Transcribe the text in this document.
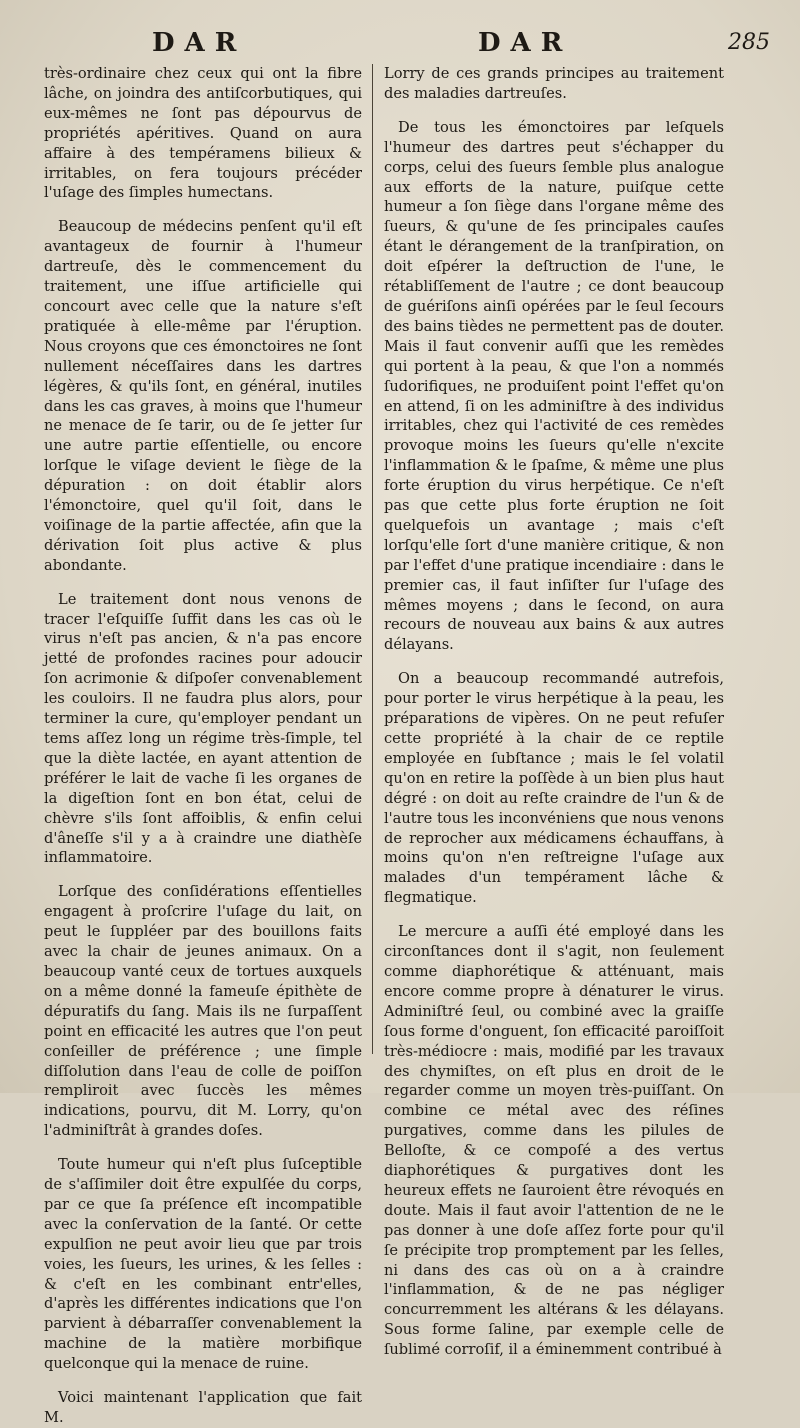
DAR	DAR	285

très-ordinaire chez ceux qui ont la fibre lâche, on joindra des antiſcorbutiques, qui eux-mêmes ne ſont pas dépourvus de propriétés apéritives. Quand on aura affaire à des tempéramens bilieux & irritables, on fera toujours précéder l'uſage des ſimples humectans.

Beaucoup de médecins penſent qu'il eſt avantageux de fournir à l'humeur dartreuſe, dès le commencement du traitement, une iſſue artificielle qui concourt avec celle que la nature s'eſt pratiquée à elle-même par l'éruption. Nous croyons que ces émonctoires ne ſont nullement néceſſaires dans les dartres légères, & qu'ils ſont, en général, inutiles dans les cas graves, à moins que l'humeur ne menace de ſe tarir, ou de ſe jetter ſur une autre partie eſſentielle, ou encore lorſque le viſage devient le ſiège de la dépuration : on doit établir alors l'émonctoire, quel qu'il ſoit, dans le voiſinage de la partie affectée, afin que la dérivation ſoit plus active & plus abondante.

Le traitement dont nous venons de tracer l'eſquiſſe ſuffit dans les cas où le virus n'eſt pas ancien, & n'a pas encore jetté de profondes racines pour adoucir ſon acrimonie & diſpoſer convenablement les couloirs. Il ne faudra plus alors, pour terminer la cure, qu'employer pendant un tems aſſez long un régime très-ſimple, tel que la diète lactée, en ayant attention de préférer le lait de vache ſi les organes de la digeſtion ſont en bon état, celui de chèvre s'ils ſont affoiblis, & enfin celui d'âneſſe s'il y a à craindre une diathèſe inflammatoire.

Lorſque des conſidérations eſſentielles engagent à proſcrire l'uſage du lait, on peut le ſuppléer par des bouillons faits avec la chair de jeunes animaux. On a beaucoup vanté ceux de tortues auxquels on a même donné la fameuſe épithète de dépuratifs du ſang. Mais ils ne ſurpaſſent point en efficacité les autres que l'on peut conſeiller de préférence ; une ſimple diſſolution dans l'eau de colle de poiſſon rempliroit avec ſuccès les mêmes indications, pourvu, dit M. Lorry, qu'on l'adminiſtrât à grandes doſes.

Toute humeur qui n'eſt plus ſuſceptible de s'aſſimiler doit être expulſée du corps, par ce que ſa préſence eſt incompatible avec la conſervation de la ſanté. Or cette expulſion ne peut avoir lieu que par trois voies, les ſueurs, les urines, & les ſelles : & c'eſt en les combinant entr'elles, d'après les différentes indications que l'on parvient à débarraſſer convenablement la machine de la matière morbifique quelconque qui la menace de ruine.

Voici maintenant l'application que fait M.

Lorry de ces grands principes au traitement des maladies dartreuſes.

De tous les émonctoires par leſquels l'humeur des dartres peut s'échapper du corps, celui des ſueurs ſemble plus analogue aux efforts de la nature, puiſque cette humeur a ſon ſiège dans l'organe même des ſueurs, & qu'une de ſes principales cauſes étant le dérangement de la tranſpiration, on doit eſpérer la deſtruction de l'une, le rétabliſſement de l'autre ; ce dont beaucoup de guériſons ainſi opérées par le ſeul ſecours des bains tièdes ne permettent pas de douter. Mais il faut convenir auſſi que les remèdes qui portent à la peau, & que l'on a nommés ſudorifiques, ne produiſent point l'effet qu'on en attend, ſi on les adminiſtre à des individus irritables, chez qui l'activité de ces remèdes provoque moins les ſueurs qu'elle n'excite l'inflammation & le ſpaſme, & même une plus forte éruption du virus herpétique. Ce n'eſt pas que cette plus forte éruption ne ſoit quelquefois un avantage ; mais c'eſt lorſqu'elle ſort d'une manière critique, & non par l'effet d'une pratique incendiaire : dans le premier cas, il faut inſiſter ſur l'uſage des mêmes moyens ; dans le ſecond, on aura recours de nouveau aux bains & aux autres délayans.

On a beaucoup recommandé autrefois, pour porter le virus herpétique à la peau, les préparations de vipères. On ne peut refuſer cette propriété à la chair de ce reptile employée en ſubſtance ; mais le ſel volatil qu'on en retire la poſſède à un bien plus haut dégré : on doit au reſte craindre de l'un & de l'autre tous les inconvéniens que nous venons de reprocher aux médicamens échauffans, à moins qu'on n'en reſtreigne l'uſage aux malades d'un tempérament lâche & flegmatique.

Le mercure a auſſi été employé dans les circonſtances dont il s'agit, non ſeulement comme diaphorétique & atténuant, mais encore comme propre à dénaturer le virus. Adminiſtré ſeul, ou combiné avec la graiſſe ſous forme d'onguent, ſon efficacité paroiſſoit très-médiocre : mais, modifié par les travaux des chymiſtes, on eſt plus en droit de le regarder comme un moyen très-puiſſant. On combine ce métal avec des réſines purgatives, comme dans les pilules de Belloſte, & ce compoſé a des vertus diaphorétiques & purgatives dont les heureux effets ne ſauroient être révoqués en doute. Mais il faut avoir l'attention de ne le pas donner à une doſe aſſez forte pour qu'il ſe précipite trop promptement par les ſelles, ni dans des cas où on a à craindre l'inflammation, & de ne pas négliger concurremment les altérans & les délayans. Sous forme ſaline, par exemple celle de ſublimé corroſif, il a éminemment contribué à
